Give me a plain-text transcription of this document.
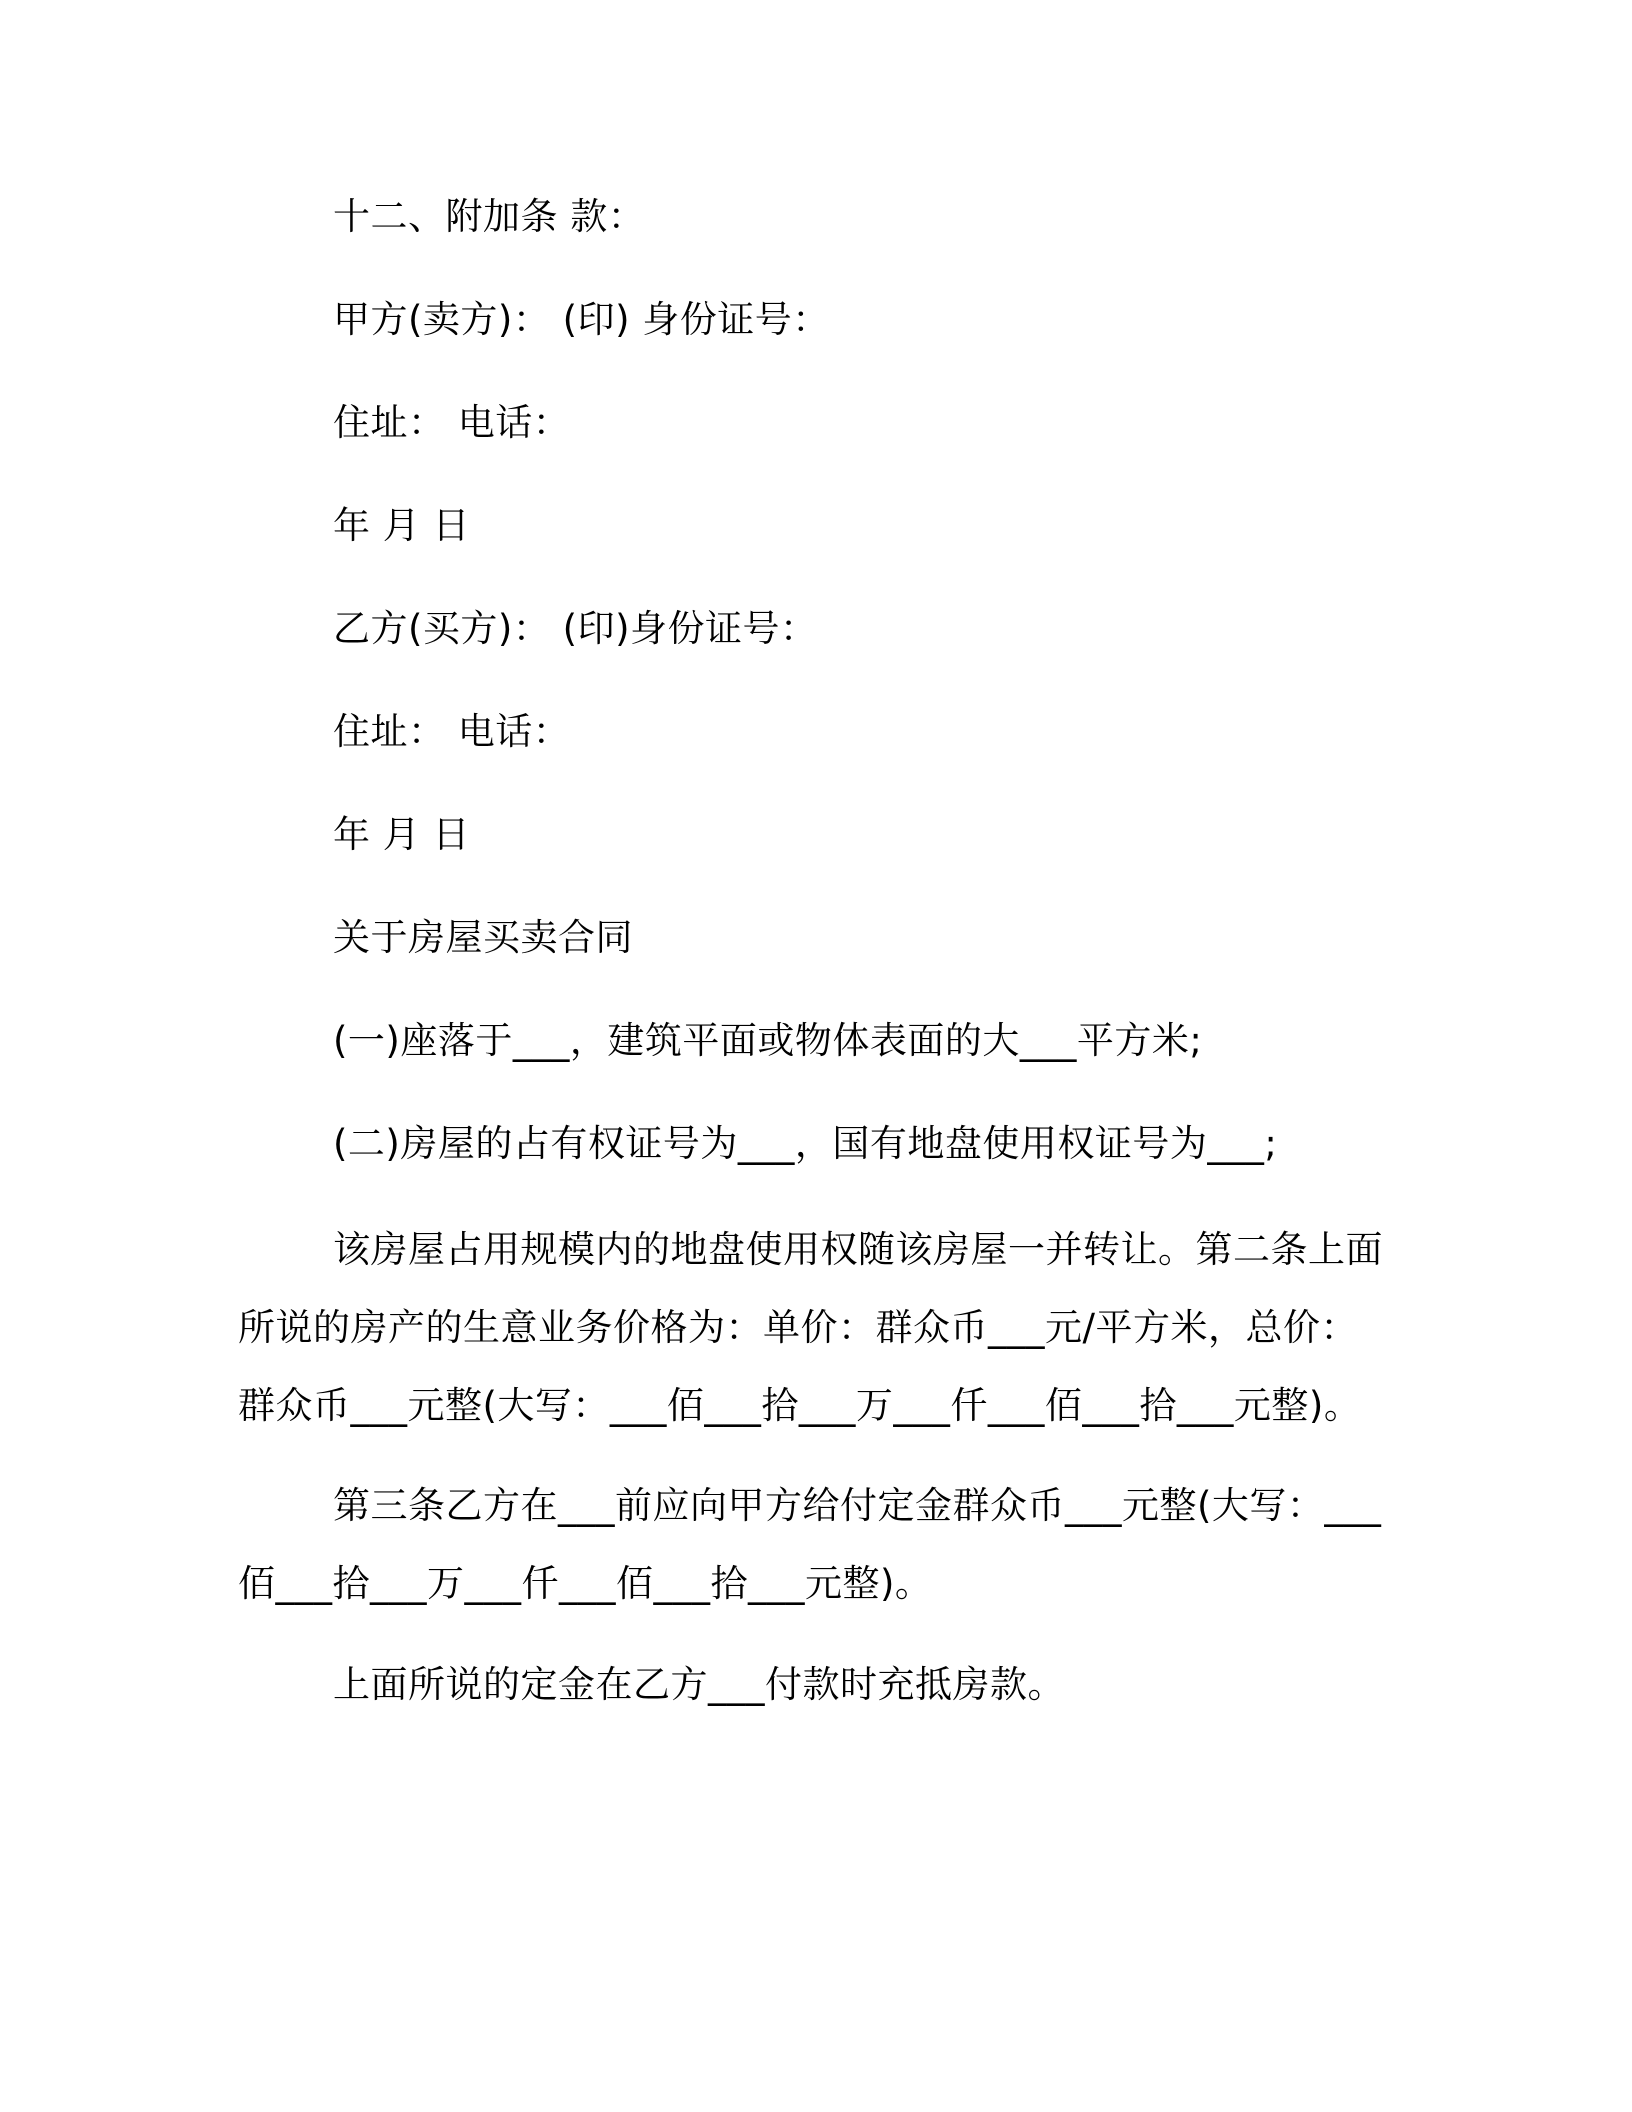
十二、附加条 款：
甲方(卖方)： (印) 身份证号：
住址： 电话：
年 月 日
乙方(买方)： (印)身份证号：
住址： 电话：
年 月 日
关于房屋买卖合同
(一)座落于___，建筑平面或物体表面的大___平方米;
(二)房屋的占有权证号为___，国有地盘使用权证号为___;
该房屋占用规模内的地盘使用权随该房屋一并转让。第二条上面所说的房产的生意业务价格为：单价：群众币___元/平方米，总价：群众币___元整(大写：___佰___拾___万___仟___佰___拾___元整)。
第三条乙方在___前应向甲方给付定金群众币___元整(大写：___佰___拾___万___仟___佰___拾___元整)。
上面所说的定金在乙方___付款时充抵房款。
